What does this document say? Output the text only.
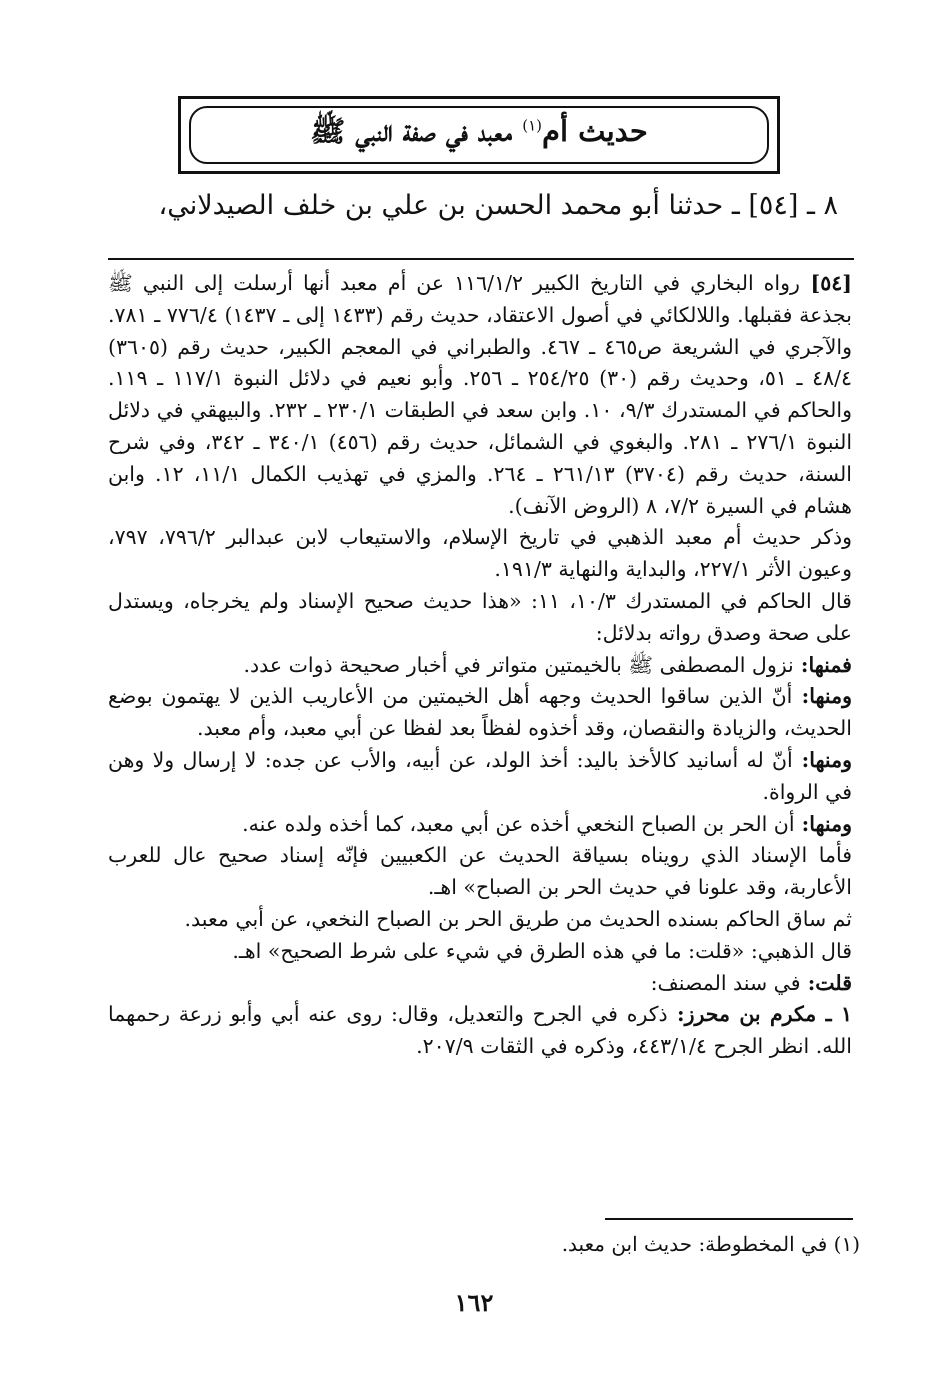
حديث أم$^{(١)}$ معبد في صفة النبي ﷺ
٨ ـ [٥٤] ـ حدثنا أبو محمد الحسن بن علي بن خلف الصيدلاني،

[٥٤] رواه البخاري في التاريخ الكبير ١١٦/١/٢ عن أم معبد أنها أرسلت إلى النبي ﷺ بجذعة فقبلها. واللالكائي في أصول الاعتقاد، حديث رقم (١٤٣٣ إلى ـ ١٤٣٧) ٧٧٦/٤ ـ ٧٨١. والآجري في الشريعة ص٤٦٥ ـ ٤٦٧. والطبراني في المعجم الكبير، حديث رقم (٣٦٠٥) ٤٨/٤ ـ ٥١، وحديث رقم (٣٠) ٢٥٤/٢٥ ـ ٢٥٦. وأبو نعيم في دلائل النبوة ١١٧/١ ـ ١١٩. والحاكم في المستدرك ٩/٣، ١٠. وابن سعد في الطبقات ٢٣٠/١ ـ ٢٣٢. والبيهقي في دلائل النبوة ٢٧٦/١ ـ ٢٨١. والبغوي في الشمائل، حديث رقم (٤٥٦) ٣٤٠/١ ـ ٣٤٢، وفي شرح السنة، حديث رقم (٣٧٠٤) ٢٦١/١٣ ـ ٢٦٤. والمزي في تهذيب الكمال ١١/١، ١٢. وابن هشام في السيرة ٧/٢، ٨ (الروض الآنف).

وذكر حديث أم معبد الذهبي في تاريخ الإسلام، والاستيعاب لابن عبدالبر ٧٩٦/٢، ٧٩٧، وعيون الأثر ٢٢٧/١، والبداية والنهاية ١٩١/٣.

قال الحاكم في المستدرك ١٠/٣، ١١: «هذا حديث صحيح الإسناد ولم يخرجاه، ويستدل على صحة وصدق رواته بدلائل:

فمنها: نزول المصطفى ﷺ بالخيمتين متواتر في أخبار صحيحة ذوات عدد.

ومنها: أنّ الذين ساقوا الحديث وجهه أهل الخيمتين من الأعاريب الذين لا يهتمون بوضع الحديث، والزيادة والنقصان، وقد أخذوه لفظاً بعد لفظا عن أبي معبد، وأم معبد.

ومنها: أنّ له أسانيد كالأخذ باليد: أخذ الولد، عن أبيه، والأب عن جده: لا إرسال ولا وهن في الرواة.

ومنها: أن الحر بن الصباح النخعي أخذه عن أبي معبد، كما أخذه ولده عنه.

فأما الإسناد الذي رويناه بسياقة الحديث عن الكعبيين فإنّه إسناد صحيح عال للعرب الأعاربة، وقد علونا في حديث الحر بن الصباح» اهـ.

ثم ساق الحاكم بسنده الحديث من طريق الحر بن الصباح النخعي، عن أبي معبد.

قال الذهبي: «قلت: ما في هذه الطرق في شيء على شرط الصحيح» اهـ.

قلت: في سند المصنف:

١ ـ مكرم بن محرز: ذكره في الجرح والتعديل، وقال: روى عنه أبي وأبو زرعة رحمهما الله. انظر الجرح ٤٤٣/١/٤، وذكره في الثقات ٢٠٧/٩.

(١) في المخطوطة: حديث ابن معبد.
١٦٢
